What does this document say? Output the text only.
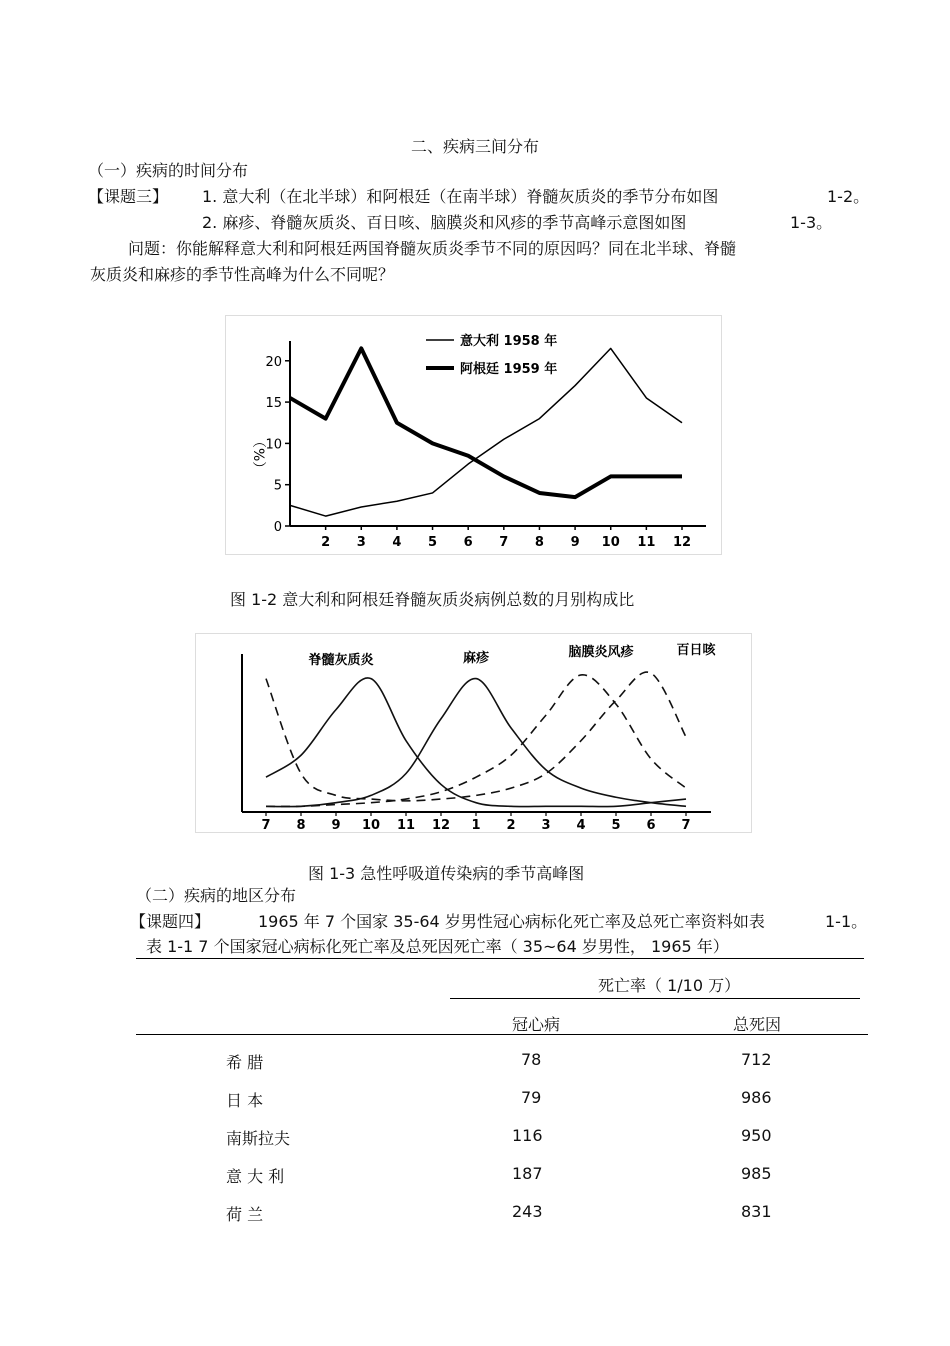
二、疾病三间分布
（一）疾病的时间分布
【课题三】 1. 意大利（在北半球）和阿根廷（在南半球）脊髓灰质炎的季节分布如图	1-2。
2. 麻疹、脊髓灰质炎、百日咳、脑膜炎和风疹的季节高峰示意图如图	1-3。
问题：你能解释意大利和阿根廷两国脊髓灰质炎季节不同的原因吗？同在北半球、脊髓
灰质炎和麻疹的季节性高峰为什么不同呢？
（%）
意大利 1958 年
阿根廷 1959 年
0
5
10
15
20
2 3 4 5 6 7 8 9 10 11 12
图 1-2 意大利和阿根廷脊髓灰质炎病例总数的月别构成比
7 8 9 10 11 12 1 2 3 4 5 6 7
脊髓灰质炎	麻疹	脑膜炎风疹	百日咳
图 1-3 急性呼吸道传染病的季节高峰图
（二）疾病的地区分布
【课题四】	1965 年 7 个国家 35-64 岁男性冠心病标化死亡率及总死亡率资料如表	1-1。
表 1-1 7 个国家冠心病标化死亡率及总死因死亡率（ 35~64 岁男性， 1965 年）
死亡率（ 1/10 万）
冠心病	总死因
希 腊	78	712
日 本	79	986
南斯拉夫	116	950
意 大 利	187	985
荷 兰	243	831
